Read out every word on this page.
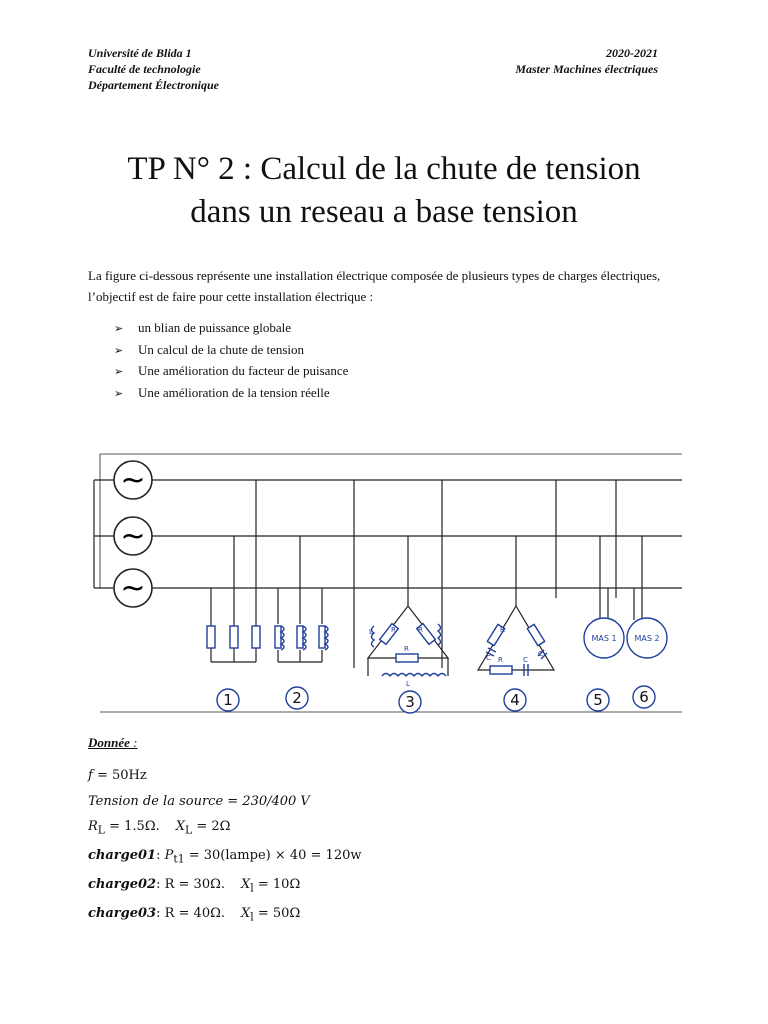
Université de Blida 1
Faculté de technologie
Département Électronique
2020-2021
Master Machines électriques
TP N° 2 : Calcul de la chute de tension
dans un reseau a base tension
La figure ci-dessous représente une installation électrique composée de plusieurs types de charges électriques, l’objectif est de faire pour cette installation électrique :
➢ un blian de puissance globale
➢ Un calcul de la chute de tension
➢ Une amélioration du facteur de puisance
➢ Une amélioration de la tension réelle
~
~
~
L	R	R
R
L
R
C R	C
C
MAS 1 MAS 2
1	2	3	4	5 6
Donnée :
f = 50Hz
Tension de la source = 230/400 V
$R_L = 1.5\Omega$. $X_L = 2\Omega$
charge01: $P_{t1}$ = 30(lampe) × 40 = 120w
charge02: R = 30Ω. $X_l = 10\Omega$
charge03: R = 40Ω. $X_l = 50\Omega$
